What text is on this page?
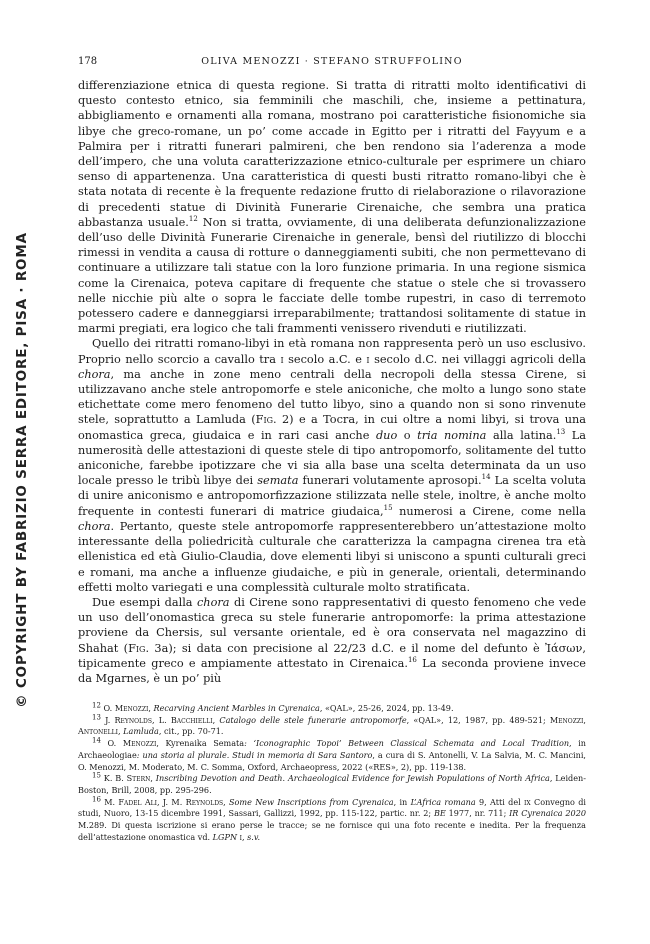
© COPYRIGHT BY FABRIZIO SERRA EDITORE, PISA · ROMA
178	OLIVA MENOZZI · STEFANO STRUFFOLINO

differenziazione etnica di questa regione. Si tratta di ritratti molto identificativi di questo contesto etnico, sia femminili che maschili, che, insieme a pettinatura, abbigliamento e ornamenti alla romana, mostrano poi caratteristiche fisionomiche sia libye che greco-romane, un po’ come accade in Egitto per i ritratti del Fayyum e a Palmira per i ritratti funerari palmireni, che ben rendono sia l’aderenza a mode dell’impero, che una voluta caratterizzazione etnico-culturale per esprimere un chiaro senso di appartenenza. Una caratteristica di questi busti ritratto romano-libyi che è stata notata di recente è la frequente redazione frutto di rielaborazione o rilavorazione di precedenti statue di Divinità Funerarie Cirenaiche, che sembra una pratica abbastanza usuale.$^{12}$ Non si tratta, ovviamente, di una deliberata defunzionalizzazione dell’uso delle Divinità Funerarie Cirenaiche in generale, bensì del riutilizzo di blocchi rimessi in vendita a causa di rotture o danneggiamenti subiti, che non permettevano di continuare a utilizzare tali statue con la loro funzione primaria. In una regione sismica come la Cirenaica, poteva capitare di frequente che statue o stele che si trovassero nelle nicchie più alte o sopra le facciate delle tombe rupestri, in caso di terremoto potessero cadere e danneggiarsi irreparabilmente; trattandosi solitamente di statue in marmi pregiati, era logico che tali frammenti venissero rivenduti e riutilizzati.

Quello dei ritratti romano-libyi in età romana non rappresenta però un uso esclusivo. Proprio nello scorcio a cavallo tra i secolo a.C. e i secolo d.C. nei villaggi agricoli della chora, ma anche in zone meno centrali della necropoli della stessa Cirene, si utilizzavano anche stele antropomorfe e stele aniconiche, che molto a lungo sono state etichettate come mero fenomeno del tutto libyo, sino a quando non si sono rinvenute stele, soprattutto a Lamluda (Fig. 2) e a Tocra, in cui oltre a nomi libyi, si trova una onomastica greca, giudaica e in rari casi anche duo o tria nomina alla latina.$^{13}$ La numerosità delle attestazioni di queste stele di tipo antropomorfo, solitamente del tutto aniconiche, farebbe ipotizzare che vi sia alla base una scelta determinata da un uso locale presso le tribù libye dei semata funerari volutamente aprosopi.$^{14}$ La scelta voluta di unire aniconismo e antropomorfizzazione stilizzata nelle stele, inoltre, è anche molto frequente in contesti funerari di matrice giudaica,$^{15}$ numerosi a Cirene, come nella chora. Pertanto, queste stele antropomorfe rappresenterebbero un’attestazione molto interessante della poliedricità culturale che caratterizza la campagna cirenea tra età ellenistica ed età Giulio-Claudia, dove elementi libyi si uniscono a spunti culturali greci e romani, ma anche a influenze giudaiche, e più in generale, orientali, determinando effetti molto variegati e una complessità culturale molto stratificata.

Due esempi dalla chora di Cirene sono rappresentativi di questo fenomeno che vede un uso dell’onomastica greca su stele funerarie antropomorfe: la prima attestazione proviene da Chersis, sul versante orientale, ed è ora conservata nel magazzino di Shahat (Fig. 3a); si data con precisione al 22/23 d.C. e il nome del defunto è Ἰάσων, tipicamente greco e ampiamente attestato in Cirenaica.$^{16}$ La seconda proviene invece da Mgarnes, è un po’ più

$^{12}$ O. Menozzi, Recarving Ancient Marbles in Cyrenaica, «QAL», 25-26, 2024, pp. 13-49.

$^{13}$ J. Reynolds, L. Bacchielli, Catalogo delle stele funerarie antropomorfe, «QAL», 12, 1987, pp. 489-521; Menozzi, Antonelli, Lamluda, cit., pp. 70-71.

$^{14}$ O. Menozzi, Kyrenaika Semata: ‘Iconographic Topoi’ Between Classical Schemata and Local Tradition, in Archaeologiae: una storia al plurale. Studi in memoria di Sara Santoro, a cura di S. Antonelli, V. La Salvia, M. C. Mancini, O. Menozzi, M. Moderato, M. C. Somma, Oxford, Archaeopress, 2022 («RES», 2), pp. 119-138.

$^{15}$ K. B. Stern, Inscribing Devotion and Death. Archaeological Evidence for Jewish Populations of North Africa, Leiden-Boston, Brill, 2008, pp. 295-296.

$^{16}$ M. Fadel Ali, J. M. Reynolds, Some New Inscriptions from Cyrenaica, in L’Africa romana 9, Atti del ix Convegno di studi, Nuoro, 13-15 dicembre 1991, Sassari, Gallizzi, 1992, pp. 115-122, partic. nr. 2; BE 1977, nr. 711; IR Cyrenaica 2020 M.289. Di questa iscrizione si erano perse le tracce; se ne fornisce qui una foto recente e inedita. Per la frequenza dell’attestazione onomastica vd. LGPN i, s.v.
